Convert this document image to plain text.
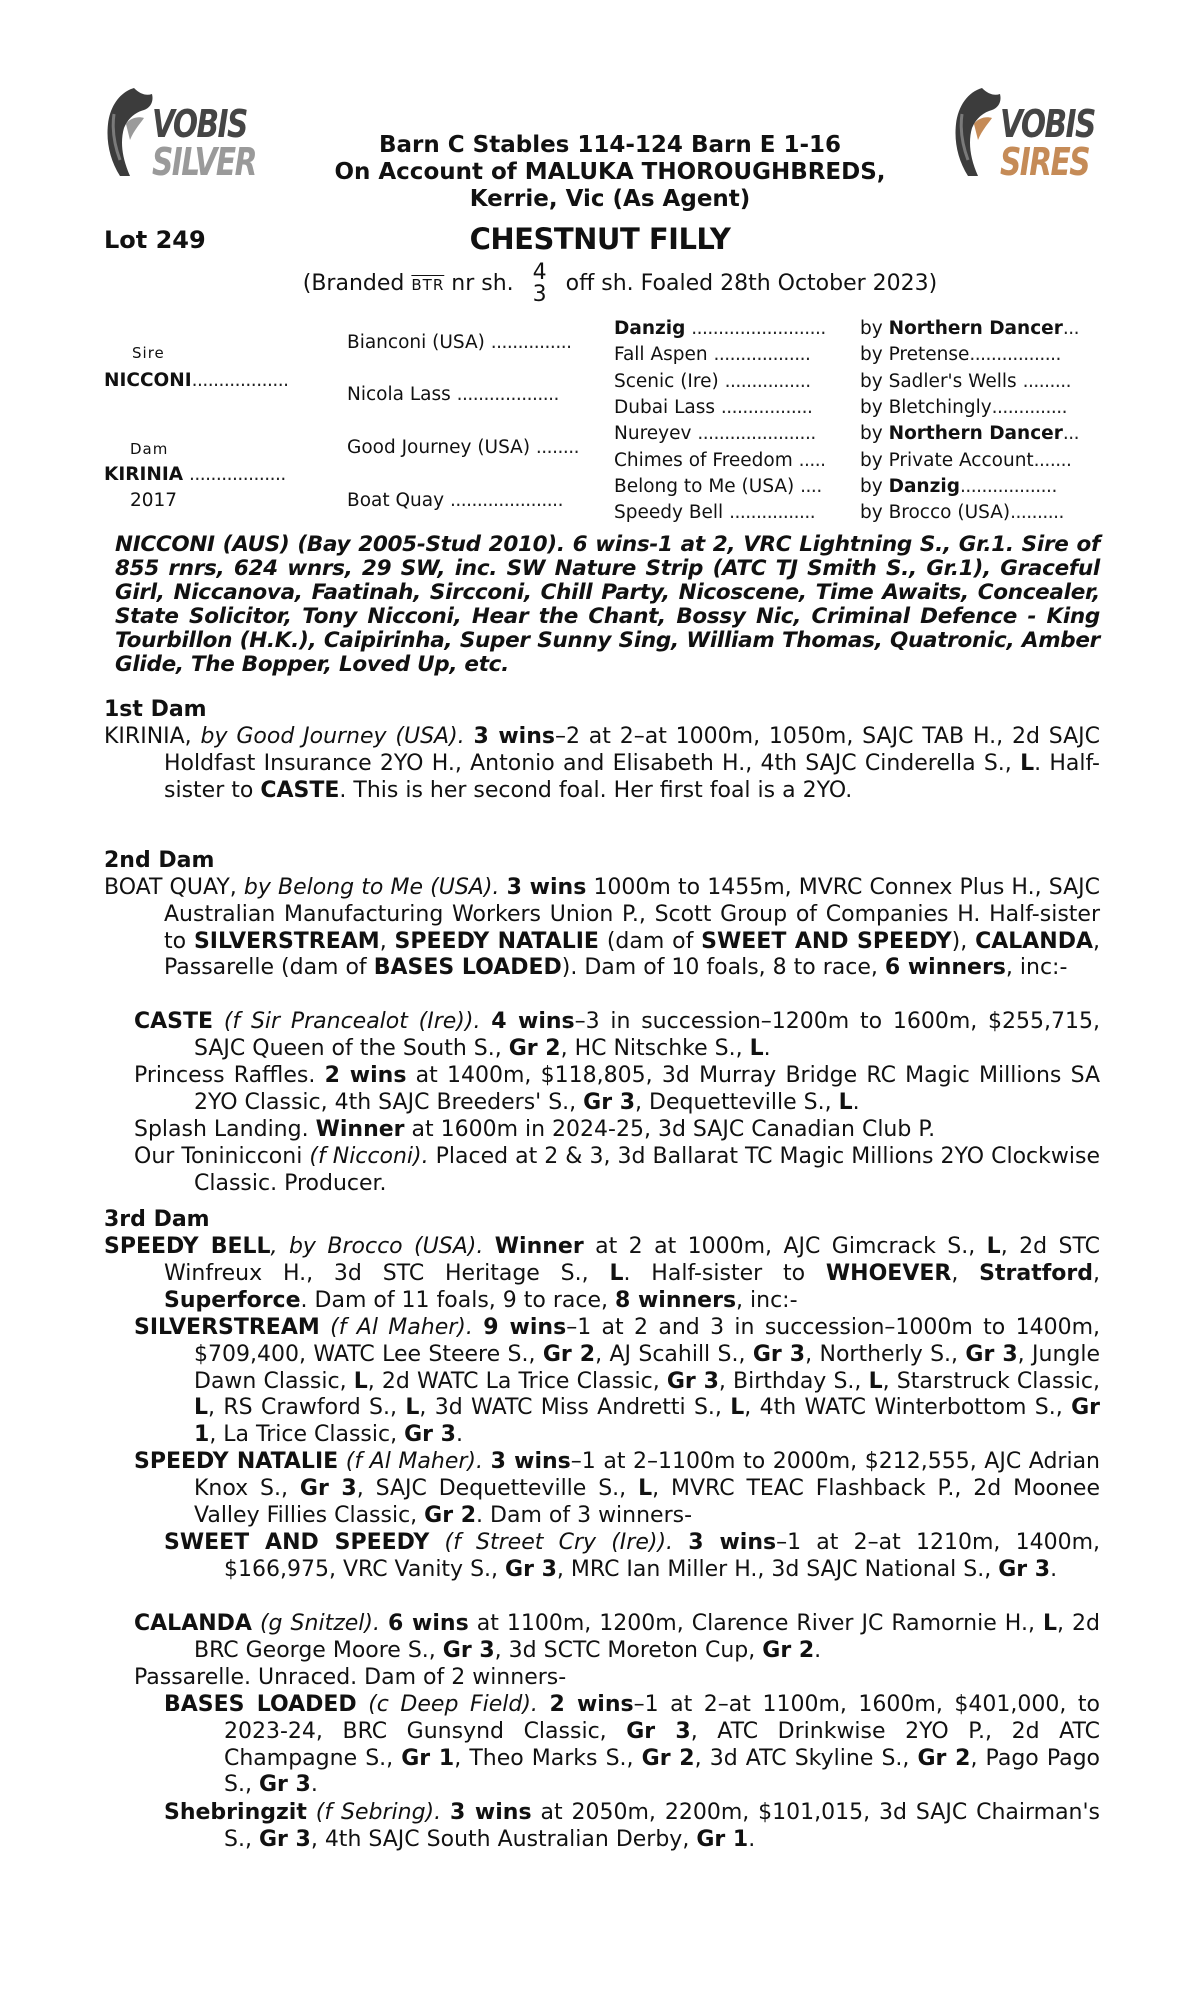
VOBIS
SILVER
VOBIS
SIRES
Barn C Stables 114-124 Barn E 1-16
On Account of MALUKA THOROUGHBREDS,
Kerrie, Vic (As Agent)
Lot 249	CHESTNUT FILLY
(Branded $\overline{BTR}$ nr sh. 4
3 off sh. Foaled 28th October 2023)
Sire
NICCONI..................
Dam
KIRINIA ..................
2017
Bianconi (USA) ...............
Nicola Lass ...................
Good Journey (USA) ........
Boat Quay .....................
Danzig .........................
Fall Aspen ..................
Scenic (Ire) ................
Dubai Lass .................
Nureyev ......................
Chimes of Freedom .....
Belong to Me (USA) ....
Speedy Bell ................
by Northern Dancer...
by Pretense.................
by Sadler's Wells .........
by Bletchingly..............
by Northern Dancer...
by Private Account.......
by Danzig..................
by Brocco (USA)..........
NICCONI (AUS) (Bay 2005-Stud 2010). 6 wins-1 at 2, VRC Lightning S., Gr.1. Sire of 855 rnrs, 624 wnrs, 29 SW, inc. SW Nature Strip (ATC TJ Smith S., Gr.1), Graceful Girl, Niccanova, Faatinah, Sircconi, Chill Party, Nicoscene, Time Awaits, Concealer, State Solicitor, Tony Nicconi, Hear the Chant, Bossy Nic, Criminal Defence - King Tourbillon (H.K.), Caipirinha, Super Sunny Sing, William Thomas, Quatronic, Amber Glide, The Bopper, Loved Up, etc.
1st Dam
KIRINIA, by Good Journey (USA). 3 wins–2 at 2–at 1000m, 1050m, SAJC TAB H., 2d SAJC Holdfast Insurance 2YO H., Antonio and Elisabeth H., 4th SAJC Cinderella S., L. Half-sister to CASTE. This is her second foal. Her first foal is a 2YO.
2nd Dam
BOAT QUAY, by Belong to Me (USA). 3 wins 1000m to 1455m, MVRC Connex Plus H., SAJC Australian Manufacturing Workers Union P., Scott Group of Companies H. Half-sister to SILVERSTREAM, SPEEDY NATALIE (dam of SWEET AND SPEEDY), CALANDA, Passarelle (dam of BASES LOADED). Dam of 10 foals, 8 to race, 6 winners, inc:-
CASTE (f Sir Prancealot (Ire)). 4 wins–3 in succession–1200m to 1600m, $255,715, SAJC Queen of the South S., Gr 2, HC Nitschke S., L.
Princess Raffles. 2 wins at 1400m, $118,805, 3d Murray Bridge RC Magic Millions SA 2YO Classic, 4th SAJC Breeders' S., Gr 3, Dequetteville S., L.
Splash Landing. Winner at 1600m in 2024-25, 3d SAJC Canadian Club P.
Our Toninicconi (f Nicconi). Placed at 2 & 3, 3d Ballarat TC Magic Millions 2YO Clockwise Classic. Producer.
3rd Dam
SPEEDY BELL, by Brocco (USA). Winner at 2 at 1000m, AJC Gimcrack S., L, 2d STC Winfreux H., 3d STC Heritage S., L. Half-sister to WHOEVER, Stratford, Superforce. Dam of 11 foals, 9 to race, 8 winners, inc:-
SILVERSTREAM (f Al Maher). 9 wins–1 at 2 and 3 in succession–1000m to 1400m, $709,400, WATC Lee Steere S., Gr 2, AJ Scahill S., Gr 3, Northerly S., Gr 3, Jungle Dawn Classic, L, 2d WATC La Trice Classic, Gr 3, Birthday S., L, Starstruck Classic, L, RS Crawford S., L, 3d WATC Miss Andretti S., L, 4th WATC Winterbottom S., Gr 1, La Trice Classic, Gr 3.
SPEEDY NATALIE (f Al Maher). 3 wins–1 at 2–1100m to 2000m, $212,555, AJC Adrian Knox S., Gr 3, SAJC Dequetteville S., L, MVRC TEAC Flashback P., 2d Moonee Valley Fillies Classic, Gr 2. Dam of 3 winners-
SWEET AND SPEEDY (f Street Cry (Ire)). 3 wins–1 at 2–at 1210m, 1400m, $166,975, VRC Vanity S., Gr 3, MRC Ian Miller H., 3d SAJC National S., Gr 3.
CALANDA (g Snitzel). 6 wins at 1100m, 1200m, Clarence River JC Ramornie H., L, 2d BRC George Moore S., Gr 3, 3d SCTC Moreton Cup, Gr 2.
Passarelle. Unraced. Dam of 2 winners-
BASES LOADED (c Deep Field). 2 wins–1 at 2–at 1100m, 1600m, $401,000, to 2023-24, BRC Gunsynd Classic, Gr 3, ATC Drinkwise 2YO P., 2d ATC Champagne S., Gr 1, Theo Marks S., Gr 2, 3d ATC Skyline S., Gr 2, Pago Pago S., Gr 3.
Shebringzit (f Sebring). 3 wins at 2050m, 2200m, $101,015, 3d SAJC Chairman's S., Gr 3, 4th SAJC South Australian Derby, Gr 1.
